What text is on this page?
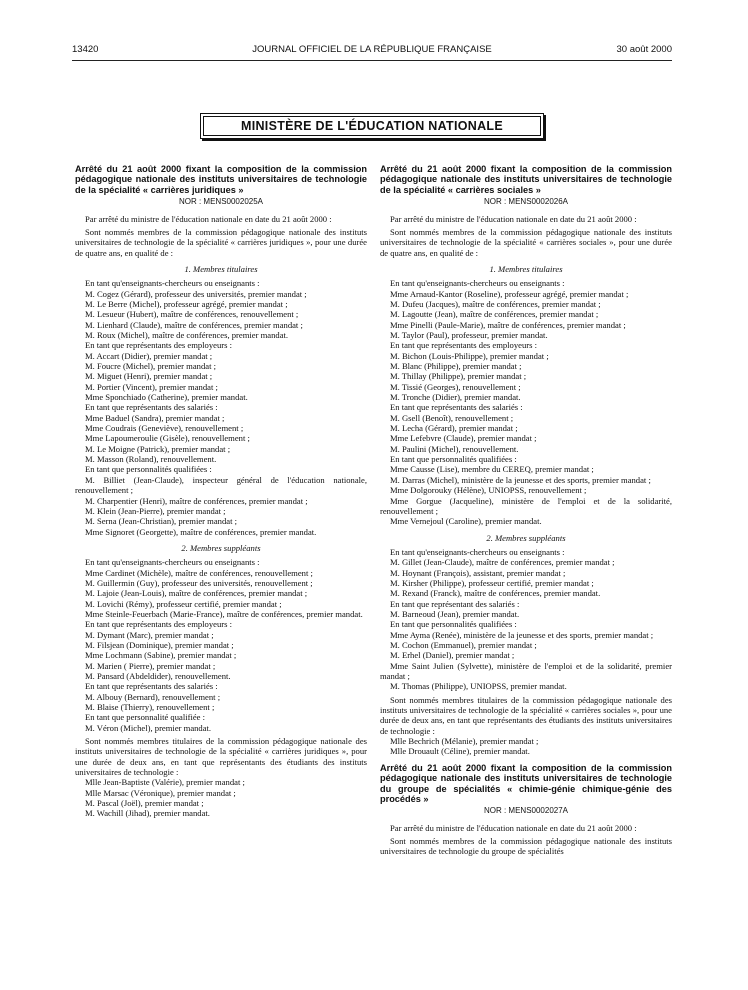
13420	JOURNAL OFFICIEL DE LA RÉPUBLIQUE FRANÇAISE	30 août 2000
MINISTÈRE DE L'ÉDUCATION NATIONALE

Arrêté du 21 août 2000 fixant la composition de la commission pédagogique nationale des instituts universitaires de technologie de la spécialité « carrières juridiques »

NOR : MENS0002025A

Par arrêté du ministre de l'éducation nationale en date du 21 août 2000 :

Sont nommés membres de la commission pédagogique nationale des instituts universitaires de technologie de la spécialité « carrières juridiques », pour une durée de quatre ans, en qualité de :

1. Membres titulaires
En tant qu'enseignants-chercheurs ou enseignants :
M. Cogez (Gérard), professeur des universités, premier mandat ;
M. Le Berre (Michel), professeur agrégé, premier mandat ;
M. Lesueur (Hubert), maître de conférences, renouvellement ;
M. Lienhard (Claude), maître de conférences, premier mandat ;
M. Roux (Michel), maître de conférences, premier mandat.
En tant que représentants des employeurs :
M. Accart (Didier), premier mandat ;
M. Foucre (Michel), premier mandat ;
M. Miguet (Henri), premier mandat ;
M. Portier (Vincent), premier mandat ;
Mme Sponchiado (Catherine), premier mandat.
En tant que représentants des salariés :
Mme Baduel (Sandra), premier mandat ;
Mme Coudrais (Geneviève), renouvellement ;
Mme Lapoumeroulie (Gisèle), renouvellement ;
M. Le Moigne (Patrick), premier mandat ;
M. Masson (Roland), renouvellement.
En tant que personnalités qualifiées :
M. Billiet (Jean-Claude), inspecteur général de l'éducation nationale, renouvellement ;
M. Charpentier (Henri), maître de conférences, premier mandat ;
M. Klein (Jean-Pierre), premier mandat ;
M. Serna (Jean-Christian), premier mandat ;
Mme Signoret (Georgette), maître de conférences, premier mandat.
2. Membres suppléants
En tant qu'enseignants-chercheurs ou enseignants :
Mme Cardinet (Michèle), maître de conférences, renouvellement ;
M. Guillermin (Guy), professeur des universités, renouvellement ;
M. Lajoie (Jean-Louis), maître de conférences, premier mandat ;
M. Lovichi (Rémy), professeur certifié, premier mandat ;
Mme Steinle-Feuerbach (Marie-France), maître de conférences, premier mandat.
En tant que représentants des employeurs :
M. Dymant (Marc), premier mandat ;
M. Filsjean (Dominique), premier mandat ;
Mme Lochmann (Sabine), premier mandat ;
M. Marien ( Pierre), premier mandat ;
M. Pansard (Abdeldider), renouvellement.
En tant que représentants des salariés :
M. Albouy (Bernard), renouvellement ;
M. Blaise (Thierry), renouvellement ;
En tant que personnalité qualifiée :
M. Véron (Michel), premier mandat.

Sont nommés membres titulaires de la commission pédagogique nationale des instituts universitaires de technologie de la spécialité « carrières juridiques », pour une durée de deux ans, en tant que représentants des étudiants des instituts universitaires de technologie :

Mlle Jean-Baptiste (Valérie), premier mandat ;
Mlle Marsac (Véronique), premier mandat ;
M. Pascal (Joël), premier mandat ;
M. Wachill (Jihad), premier mandat.

Arrêté du 21 août 2000 fixant la composition de la commission pédagogique nationale des instituts universitaires de technologie de la spécialité « carrières sociales »

NOR : MENS0002026A

Par arrêté du ministre de l'éducation nationale en date du 21 août 2000 :

Sont nommés membres de la commission pédagogique nationale des instituts universitaires de technologie de la spécialité « carrières sociales », pour une durée de quatre ans, en qualité de :

1. Membres titulaires
En tant qu'enseignants-chercheurs ou enseignants :
Mme Arnaud-Kantor (Roseline), professeur agrégé, premier mandat ;
M. Dufeu (Jacques), maître de conférences, premier mandat ;
M. Lagoutte (Jean), maître de conférences, premier mandat ;
Mme Pinelli (Paule-Marie), maître de conférences, premier mandat ;
M. Taylor (Paul), professeur, premier mandat.
En tant que représentants des employeurs :
M. Bichon (Louis-Philippe), premier mandat ;
M. Blanc (Philippe), premier mandat ;
M. Thillay (Philippe), premier mandat ;
M. Tissié (Georges), renouvellement ;
M. Tronche (Didier), premier mandat.
En tant que représentants des salariés :
M. Gsell (Benoît), renouvellement ;
M. Lecha (Gérard), premier mandat ;
Mme Lefebvre (Claude), premier mandat ;
M. Paulini (Michel), renouvellement.
En tant que personnalités qualifiées :
Mme Causse (Lise), membre du CEREQ, premier mandat ;
M. Darras (Michel), ministère de la jeunesse et des sports, premier mandat ;
Mme Dolgorouky (Hélène), UNIOPSS, renouvellement ;
Mme Gorgue (Jacqueline), ministère de l'emploi et de la solidarité, renouvellement ;
Mme Vernejoul (Caroline), premier mandat.
2. Membres suppléants
En tant qu'enseignants-chercheurs ou enseignants :
M. Gillet (Jean-Claude), maître de conférences, premier mandat ;
M. Hoynant (François), assistant, premier mandat ;
M. Kirsher (Philippe), professeur certifié, premier mandat ;
M. Rexand (Franck), maître de conférences, premier mandat.
En tant que représentant des salariés :
M. Barneoud (Jean), premier mandat.
En tant que personnalités qualifiées :
Mme Ayma (Renée), ministère de la jeunesse et des sports, premier mandat ;
M. Cochon (Emmanuel), premier mandat ;
M. Erhel (Daniel), premier mandat ;
Mme Saint Julien (Sylvette), ministère de l'emploi et de la solidarité, premier mandat ;
M. Thomas (Philippe), UNIOPSS, premier mandat.

Sont nommés membres titulaires de la commission pédagogique nationale des instituts universitaires de technologie de la spécialité « carrières sociales », pour une durée de deux ans, en tant que représentants des étudiants des instituts universitaires de technologie :

Mlle Bechrich (Mélanie), premier mandat ;
Mlle Drouault (Céline), premier mandat.

Arrêté du 21 août 2000 fixant la composition de la commission pédagogique nationale des instituts universitaires de technologie du groupe de spécialités « chimie-génie chimique-génie des procédés »

NOR : MENS0002027A

Par arrêté du ministre de l'éducation nationale en date du 21 août 2000 :

Sont nommés membres de la commission pédagogique nationale des instituts universitaires de technologie du groupe de spécialités
